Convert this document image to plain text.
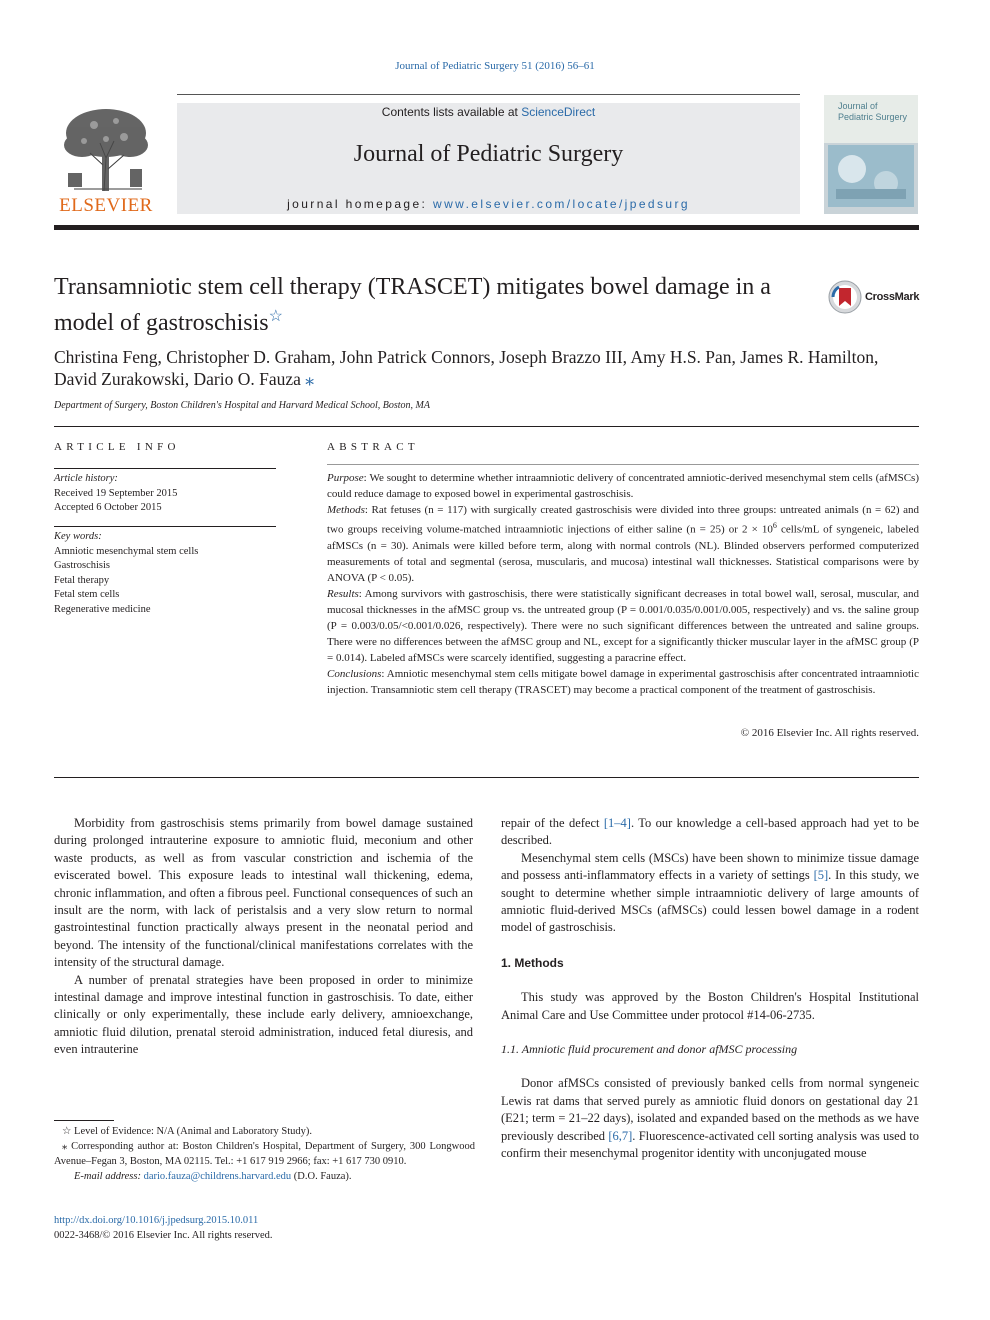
Journal of Pediatric Surgery 51 (2016) 56–61
ELSEVIER
Contents lists available at ScienceDirect
Journal of Pediatric Surgery
journal homepage: www.elsevier.com/locate/jpedsurg
Journal of
Pediatric Surgery
Transamniotic stem cell therapy (TRASCET) mitigates bowel damage in a model of gastroschisis☆
CrossMark
Christina Feng, Christopher D. Graham, John Patrick Connors, Joseph Brazzo III, Amy H.S. Pan, James R. Hamilton,
David Zurakowski, Dario O. Fauza ⁎
Department of Surgery, Boston Children's Hospital and Harvard Medical School, Boston, MA
ARTICLE INFO	ABSTRACT
Article history:
Received 19 September 2015
Accepted 6 October 2015
Key words:
Amniotic mesenchymal stem cells
Gastroschisis
Fetal therapy
Fetal stem cells
Regenerative medicine

Purpose: We sought to determine whether intraamniotic delivery of concentrated amniotic-derived mesenchymal stem cells (afMSCs) could reduce damage to exposed bowel in experimental gastroschisis.

Methods: Rat fetuses (n = 117) with surgically created gastroschisis were divided into three groups: untreated animals (n = 62) and two groups receiving volume-matched intraamniotic injections of either saline (n = 25) or $2 \times 10^6$ cells/mL of syngeneic, labeled afMSCs (n = 30). Animals were killed before term, along with normal controls (NL). Blinded observers performed computerized measurements of total and segmental (serosa, muscularis, and mucosa) intestinal wall thicknesses. Statistical comparisons were by ANOVA (P < 0.05).

Results: Among survivors with gastroschisis, there were statistically significant decreases in total bowel wall, serosal, muscular, and mucosal thicknesses in the afMSC group vs. the untreated group (P = 0.001/0.035/0.001/0.005, respectively) and vs. the saline group (P = 0.003/0.05/<0.001/0.026, respectively). There were no such significant differences between the untreated and saline groups. There were no differences between the afMSC group and NL, except for a significantly thicker muscular layer in the afMSC group (P = 0.014). Labeled afMSCs were scarcely identified, suggesting a paracrine effect.

Conclusions: Amniotic mesenchymal stem cells mitigate bowel damage in experimental gastroschisis after concentrated intraamniotic injection. Transamniotic stem cell therapy (TRASCET) may become a practical component of the treatment of gastroschisis.

© 2016 Elsevier Inc. All rights reserved.

Morbidity from gastroschisis stems primarily from bowel damage sustained during prolonged intrauterine exposure to amniotic fluid, meconium and other waste products, as well as from vascular constriction and ischemia of the eviscerated bowel. This exposure leads to intestinal wall thickening, edema, chronic inflammation, and often a fibrous peel. Functional consequences of such an insult are the norm, with lack of peristalsis and a very slow return to normal gastrointestinal function practically always present in the neonatal period and beyond. The intensity of the functional/clinical manifestations correlates with the intensity of the structural damage.

A number of prenatal strategies have been proposed in order to minimize intestinal damage and improve intestinal function in gastroschisis. To date, either clinically or only experimentally, these include early delivery, amnioexchange, amniotic fluid dilution, prenatal steroid administration, induced fetal diuresis, and even intrauterine

repair of the defect [1–4]. To our knowledge a cell-based approach had yet to be described.

Mesenchymal stem cells (MSCs) have been shown to minimize tissue damage and possess anti-inflammatory effects in a variety of settings [5]. In this study, we sought to determine whether simple intraamniotic delivery of large amounts of amniotic fluid-derived MSCs (afMSCs) could lessen bowel damage in a rodent model of gastroschisis.

1. Methods

This study was approved by the Boston Children's Hospital Institutional Animal Care and Use Committee under protocol #14-06-2735.

1.1. Amniotic fluid procurement and donor afMSC processing

Donor afMSCs consisted of previously banked cells from normal syngeneic Lewis rat dams that served purely as amniotic fluid donors on gestational day 21 (E21; term = 21–22 days), isolated and expanded based on the methods as we have previously described [6,7]. Fluorescence-activated cell sorting analysis was used to confirm their mesenchymal progenitor identity with unconjugated mouse

☆ Level of Evidence: N/A (Animal and Laboratory Study).

⁎ Corresponding author at: Boston Children's Hospital, Department of Surgery, 300 Longwood Avenue–Fegan 3, Boston, MA 02115. Tel.: +1 617 919 2966; fax: +1 617 730 0910.

E-mail address: dario.fauza@childrens.harvard.edu (D.O. Fauza).

http://dx.doi.org/10.1016/j.jpedsurg.2015.10.011
0022-3468/© 2016 Elsevier Inc. All rights reserved.
